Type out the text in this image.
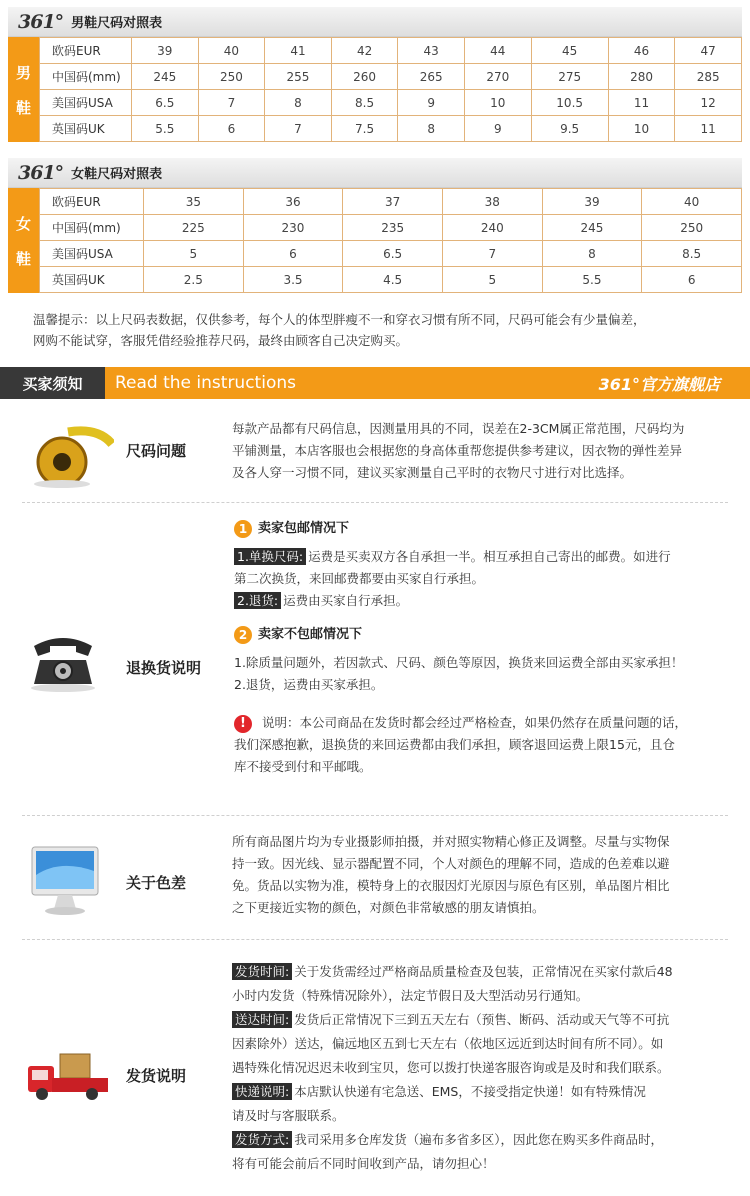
361° 男鞋尺码对照表
男
鞋
欧码EUR	39	40	41	42	43	44	45	46	47
中国码(mm)	245	250	255	260	265	270	275	280	285
美国码USA	6.5	7	8	8.5	9	10	10.5	11	12
英国码UK	5.5	6	7	7.5	8	9	9.5	10	11
361° 女鞋尺码对照表
女
鞋
欧码EUR	35	36	37	38	39	40
中国码(mm)	225	230	235	240	245	250
美国码USA	5	6	6.5	7	8	8.5
英国码UK	2.5	3.5	4.5	5	5.5	6
温馨提示：以上尺码表数据，仅供参考，每个人的体型胖瘦不一和穿衣习惯有所不同，尺码可能会有少量偏差，
网购不能试穿，客服凭借经验推荐尺码，最终由顾客自己决定购买。
买家须知	Read the instructions	361°官方旗舰店
尺码问题
每款产品都有尺码信息，因测量用具的不同，误差在2-3CM属正常范围，尺码均为
平铺测量，本店客服也会根据您的身高体重帮您提供参考建议，因衣物的弹性差异
及各人穿一习惯不同，建议买家测量自己平时的衣物尺寸进行对比选择。
退换货说明
1 卖家包邮情况下
1.单换尺码: 运费是买卖双方各自承担一半。相互承担自己寄出的邮费。如进行
第二次换货，来回邮费都要由买家自行承担。
2.退货: 运费由买家自行承担。
2 卖家不包邮情况下
1.除质量问题外，若因款式、尺码、颜色等原因，换货来回运费全部由买家承担！
2.退货，运费由买家承担。
! 说明：本公司商品在发货时都会经过严格检查，如果仍然存在质量问题的话，
我们深感抱歉，退换货的来回运费都由我们承担，顾客退回运费上限15元，且仓
库不接受到付和平邮哦。
关于色差
所有商品图片均为专业摄影师拍摄，并对照实物精心修正及调整。尽量与实物保
持一致。因光线、显示器配置不同，个人对颜色的理解不同，造成的色差难以避
免。货品以实物为准，模特身上的衣服因灯光原因与原色有区别，单品图片相比
之下更接近实物的颜色，对颜色非常敏感的朋友请慎拍。
发货说明
发货时间: 关于发货需经过严格商品质量检查及包装，正常情况在买家付款后48
小时内发货（特殊情况除外），法定节假日及大型活动另行通知。
送达时间: 发货后正常情况下三到五天左右（预售、断码、活动或天气等不可抗
因素除外）送达，偏远地区五到七天左右（依地区远近到达时间有所不同）。如
遇特殊化情况迟迟未收到宝贝，您可以拨打快递客服咨询或是及时和我们联系。
快递说明: 本店默认快递有宅急送、EMS，不接受指定快递！如有特殊情况
请及时与客服联系。
发货方式: 我司采用多仓库发货（遍布多省多区），因此您在购买多件商品时，
将有可能会前后不同时间收到产品，请勿担心！
